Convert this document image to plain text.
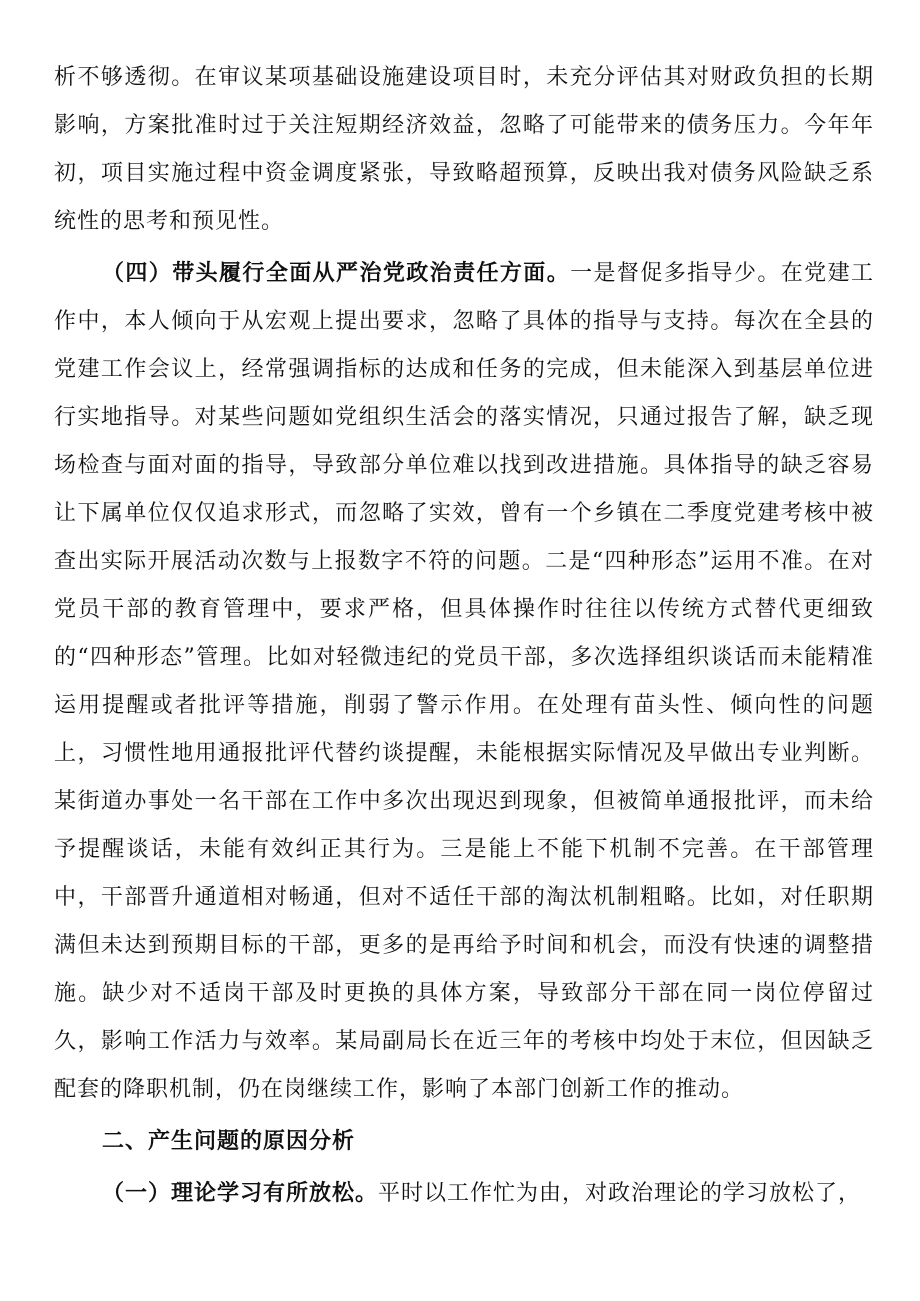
析不够透彻。在审议某项基础设施建设项目时，未充分评估其对财政负担的长期影响，方案批准时过于关注短期经济效益，忽略了可能带来的债务压力。今年年初，项目实施过程中资金调度紧张，导致略超预算，反映出我对债务风险缺乏系统性的思考和预见性。

（四）带头履行全面从严治党政治责任方面。一是督促多指导少。在党建工作中，本人倾向于从宏观上提出要求，忽略了具体的指导与支持。每次在全县的党建工作会议上，经常强调指标的达成和任务的完成，但未能深入到基层单位进行实地指导。对某些问题如党组织生活会的落实情况，只通过报告了解，缺乏现场检查与面对面的指导，导致部分单位难以找到改进措施。具体指导的缺乏容易让下属单位仅仅追求形式，而忽略了实效，曾有一个乡镇在二季度党建考核中被查出实际开展活动次数与上报数字不符的问题。二是“四种形态”运用不准。在对党员干部的教育管理中，要求严格，但具体操作时往往以传统方式替代更细致的“四种形态”管理。比如对轻微违纪的党员干部，多次选择组织谈话而未能精准运用提醒或者批评等措施，削弱了警示作用。在处理有苗头性、倾向性的问题上，习惯性地用通报批评代替约谈提醒，未能根据实际情况及早做出专业判断。某街道办事处一名干部在工作中多次出现迟到现象，但被简单通报批评，而未给予提醒谈话，未能有效纠正其行为。三是能上不能下机制不完善。在干部管理中，干部晋升通道相对畅通，但对不适任干部的淘汰机制粗略。比如，对任职期满但未达到预期目标的干部，更多的是再给予时间和机会，而没有快速的调整措施。缺少对不适岗干部及时更换的具体方案，导致部分干部在同一岗位停留过久，影响工作活力与效率。某局副局长在近三年的考核中均处于末位，但因缺乏配套的降职机制，仍在岗继续工作，影响了本部门创新工作的推动。

二、产生问题的原因分析

（一）理论学习有所放松。平时以工作忙为由，对政治理论的学习放松了，
